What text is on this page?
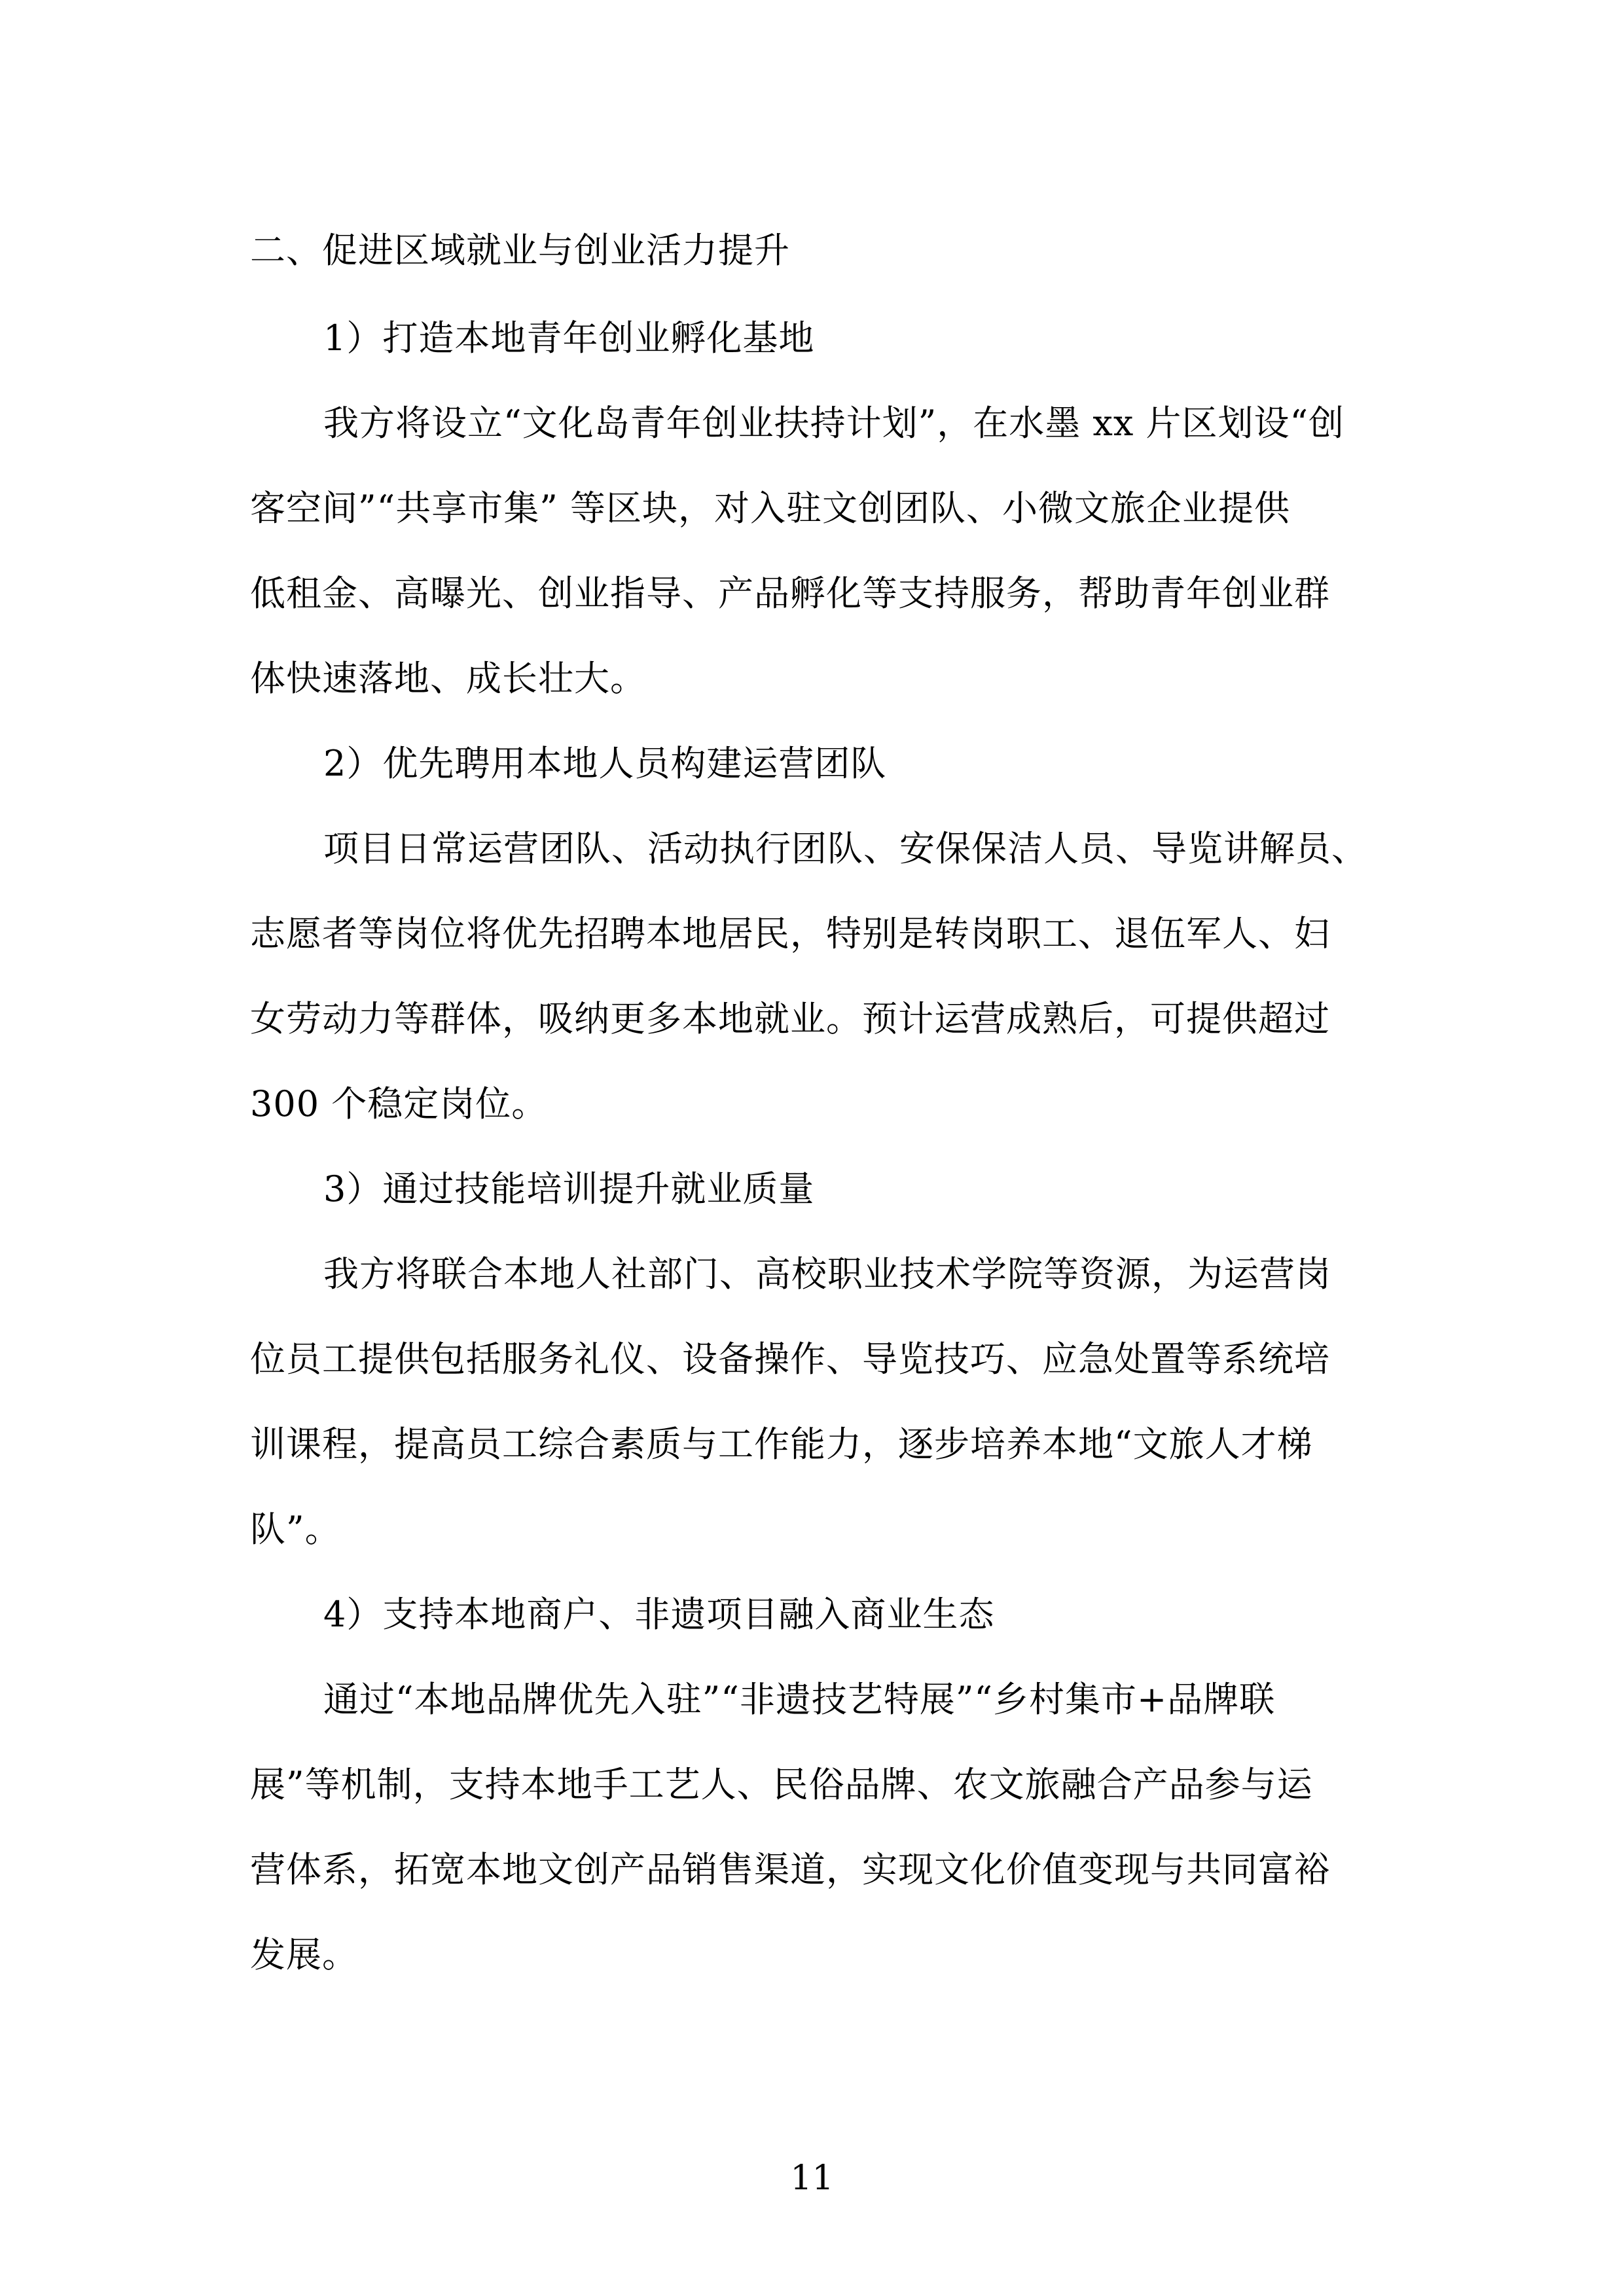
二、促进区域就业与创业活力提升
1）打造本地青年创业孵化基地
我方将设立“文化岛青年创业扶持计划”，在水墨 xx 片区划设“创
客空间”“共享市集” 等区块，对入驻文创团队、小微文旅企业提供
低租金、高曝光、创业指导、产品孵化等支持服务，帮助青年创业群
体快速落地、成长壮大。
2）优先聘用本地人员构建运营团队
项目日常运营团队、活动执行团队、安保保洁人员、导览讲解员、
志愿者等岗位将优先招聘本地居民，特别是转岗职工、退伍军人、妇
女劳动力等群体，吸纳更多本地就业。预计运营成熟后，可提供超过
300 个稳定岗位。
3）通过技能培训提升就业质量
我方将联合本地人社部门、高校职业技术学院等资源，为运营岗
位员工提供包括服务礼仪、设备操作、导览技巧、应急处置等系统培
训课程，提高员工综合素质与工作能力，逐步培养本地“文旅人才梯
队”。
4）支持本地商户、非遗项目融入商业生态
通过“本地品牌优先入驻”“非遗技艺特展”“乡村集市+品牌联
展”等机制，支持本地手工艺人、民俗品牌、农文旅融合产品参与运
营体系，拓宽本地文创产品销售渠道，实现文化价值变现与共同富裕
发展。
11
